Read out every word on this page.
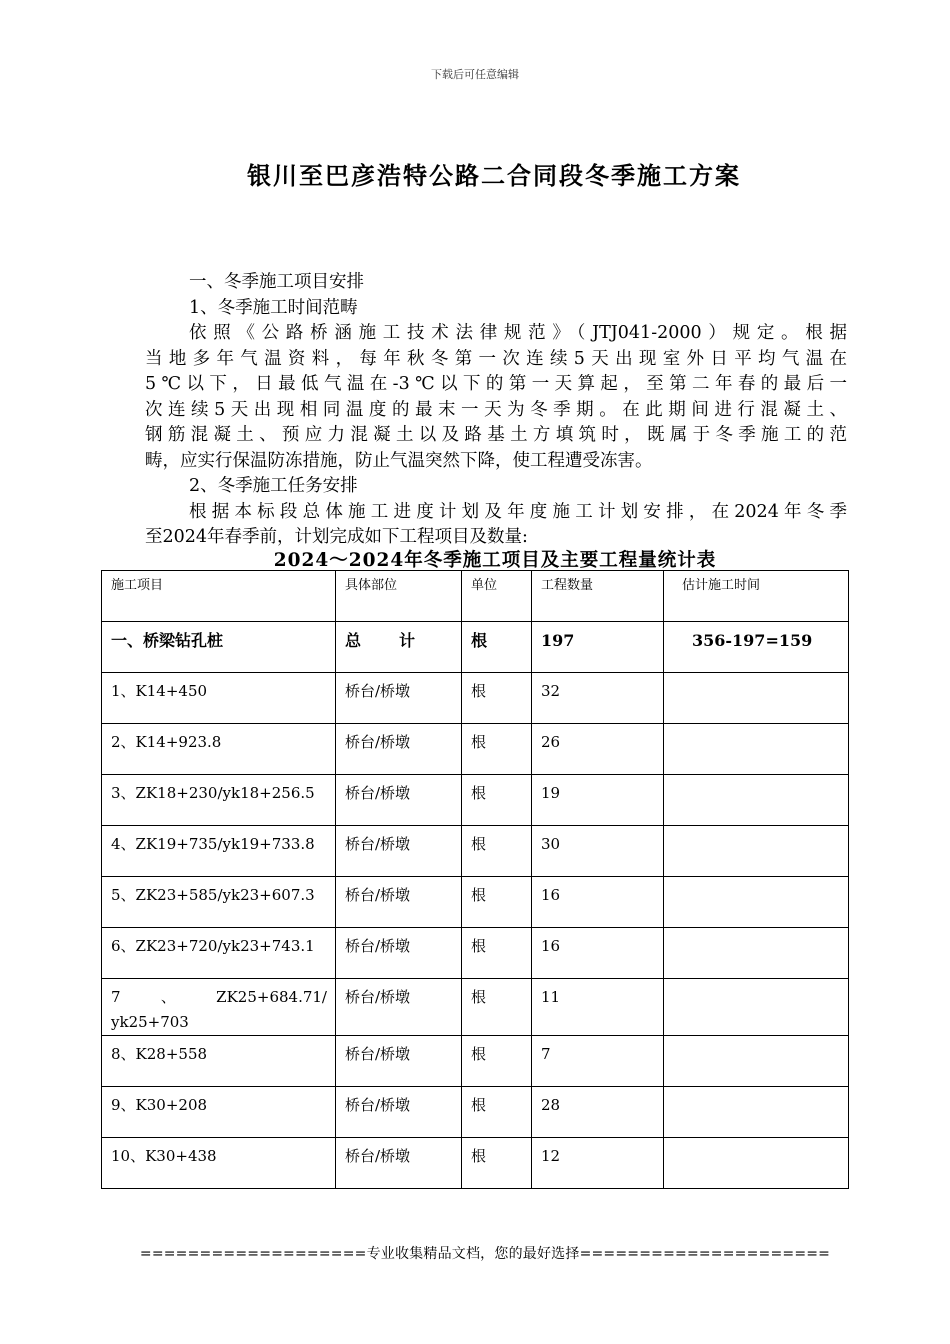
下载后可任意编辑
银川至巴彦浩特公路二合同段冬季施工方案
一、冬季施工项目安排
1、冬季施工时间范畴
依照《公路桥涵施工技术法律规范》（JTJ041-2000）规定。根据
当地多年气温资料，每年秋冬第一次连续5天出现室外日平均气温在
5℃以下，日最低气温在-3℃以下的第一天算起，至第二年春的最后一
次连续5天出现相同温度的最末一天为冬季期。在此期间进行混凝土、
钢筋混凝土、预应力混凝土以及路基土方填筑时，既属于冬季施工的范
畴，应实行保温防冻措施，防止气温突然下降，使工程遭受冻害。
2、冬季施工任务安排
根据本标段总体施工进度计划及年度施工计划安排，在2024年冬季
至2024年春季前，计划完成如下工程项目及数量:
2024～2024年冬季施工项目及主要工程量统计表
施工项目	具体部位	单位	工程数量	估计施工时间
一、桥梁钻孔桩	总 计	根	197	356-197=159
1、K14+450	桥台/桥墩	根	32	
2、K14+923.8	桥台/桥墩	根	26	
3、ZK18+230/yk18+256.5	桥台/桥墩	根	19	
4、ZK19+735/yk19+733.8	桥台/桥墩	根	30	
5、ZK23+585/yk23+607.3	桥台/桥墩	根	16	
6、ZK23+720/yk23+743.1	桥台/桥墩	根	16	

7 、 ZK25+684.71/
yk25+703	桥台/桥墩	根	11	
8、K28+558	桥台/桥墩	根	7	
9、K30+208	桥台/桥墩	根	28	
10、K30+438	桥台/桥墩	根	12	
===================专业收集精品文档，您的最好选择=====================
